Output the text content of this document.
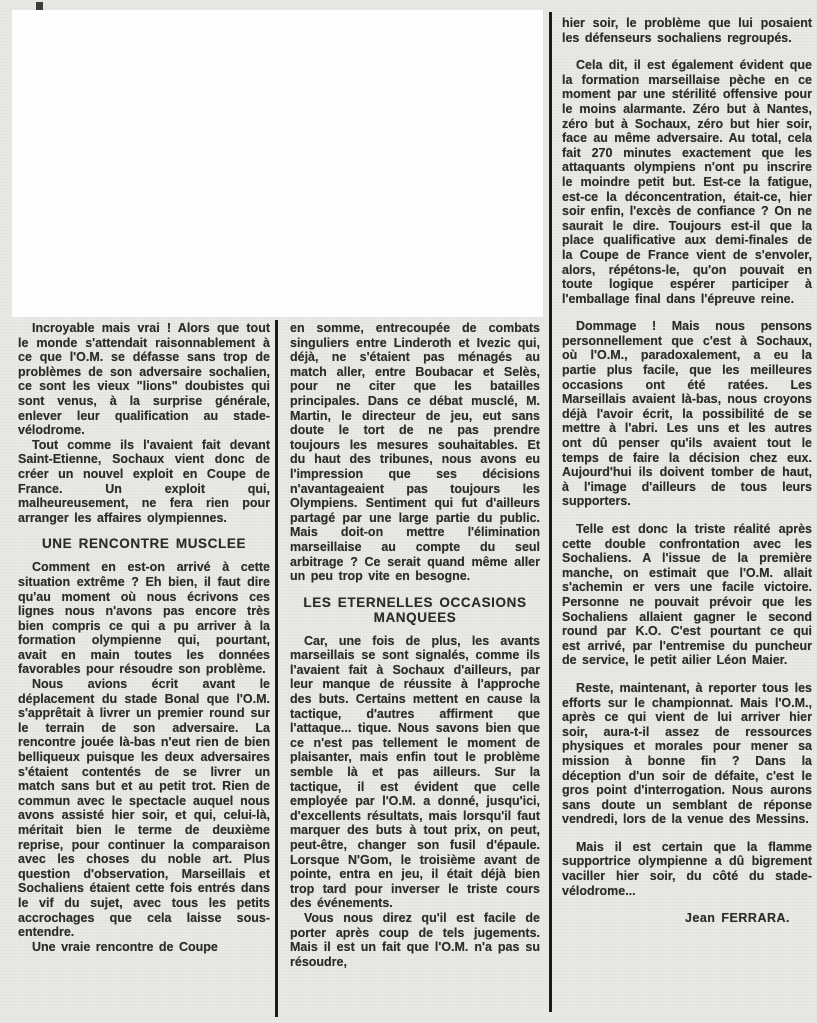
Incroyable mais vrai ! Alors que tout le monde s'attendait raisonnablement à ce que l'O.M. se défasse sans trop de problèmes de son adversaire sochalien, ce sont les vieux "lions" doubistes qui sont venus, à la surprise générale, enlever leur qualification au stade-vélodrome.

Tout comme ils l'avaient fait devant Saint-Etienne, Sochaux vient donc de créer un nouvel exploit en Coupe de France. Un exploit qui, malheureusement, ne fera rien pour arranger les affaires olympiennes.

UNE RENCONTRE MUSCLEE

Comment en est-on arrivé à cette situation extrême ? Eh bien, il faut dire qu'au moment où nous écrivons ces lignes nous n'avons pas encore très bien compris ce qui a pu arriver à la formation olympienne qui, pourtant, avait en main toutes les données favorables pour résoudre son problème.

Nous avions écrit avant le déplacement du stade Bonal que l'O.M. s'apprêtait à livrer un premier round sur le terrain de son adversaire. La rencontre jouée là-bas n'eut rien de bien belliqueux puisque les deux adversaires s'étaient contentés de se livrer un match sans but et au petit trot. Rien de commun avec le spectacle auquel nous avons assisté hier soir, et qui, celui-là, méritait bien le terme de deuxième reprise, pour continuer la comparaison avec les choses du noble art. Plus question d'observation, Marseillais et Sochaliens étaient cette fois entrés dans le vif du sujet, avec tous les petits accrochages que cela laisse sous-entendre.

Une vraie rencontre de Coupe

en somme, entrecoupée de combats singuliers entre Linderoth et Ivezic qui, déjà, ne s'étaient pas ménagés au match aller, entre Boubacar et Selès, pour ne citer que les batailles principales. Dans ce débat musclé, M. Martin, le directeur de jeu, eut sans doute le tort de ne pas prendre toujours les mesures souhaitables. Et du haut des tribunes, nous avons eu l'impression que ses décisions n'avantageaient pas toujours les Olympiens. Sentiment qui fut d'ailleurs partagé par une large partie du public. Mais doit-on mettre l'élimination marseillaise au compte du seul arbitrage ? Ce serait quand même aller un peu trop vite en besogne.

LES ETERNELLES OCCASIONS MANQUEES

Car, une fois de plus, les avants marseillais se sont signalés, comme ils l'avaient fait à Sochaux d'ailleurs, par leur manque de réussite à l'approche des buts. Certains mettent en cause la tactique, d'autres affirment que l'attaque... tique. Nous savons bien que ce n'est pas tellement le moment de plaisanter, mais enfin tout le problème semble là et pas ailleurs. Sur la tactique, il est évident que celle employée par l'O.M. a donné, jusqu'ici, d'excellents résultats, mais lorsqu'il faut marquer des buts à tout prix, on peut, peut-être, changer son fusil d'épaule. Lorsque N'Gom, le troisième avant de pointe, entra en jeu, il était déjà bien trop tard pour inverser le triste cours des événements.

Vous nous direz qu'il est facile de porter après coup de tels jugements. Mais il est un fait que l'O.M. n'a pas su résoudre,

hier soir, le problème que lui posaient les défenseurs sochaliens regroupés.

Cela dit, il est également évident que la formation marseillaise pèche en ce moment par une stérilité offensive pour le moins alarmante. Zéro but à Nantes, zéro but à Sochaux, zéro but hier soir, face au même adversaire. Au total, cela fait 270 minutes exactement que les attaquants olympiens n'ont pu inscrire le moindre petit but. Est-ce la fatigue, est-ce la déconcentration, était-ce, hier soir enfin, l'excès de confiance ? On ne saurait le dire. Toujours est-il que la place qualificative aux demi-finales de la Coupe de France vient de s'envoler, alors, répétons-le, qu'on pouvait en toute logique espérer participer à l'emballage final dans l'épreuve reine.

Dommage ! Mais nous pensons personnellement que c'est à Sochaux, où l'O.M., paradoxalement, a eu la partie plus facile, que les meilleures occasions ont été ratées. Les Marseillais avaient là-bas, nous croyons déjà l'avoir écrit, la possibilité de se mettre à l'abri. Les uns et les autres ont dû penser qu'ils avaient tout le temps de faire la décision chez eux. Aujourd'hui ils doivent tomber de haut, à l'image d'ailleurs de tous leurs supporters.

Telle est donc la triste réalité après cette double confrontation avec les Sochaliens. A l'issue de la première manche, on estimait que l'O.M. allait s'achemin er vers une facile victoire. Personne ne pouvait prévoir que les Sochaliens allaient gagner le second round par K.O. C'est pourtant ce qui est arrivé, par l'entremise du puncheur de service, le petit ailier Léon Maier.

Reste, maintenant, à reporter tous les efforts sur le championnat. Mais l'O.M., après ce qui vient de lui arriver hier soir, aura-t-il assez de ressources physiques et morales pour mener sa mission à bonne fin ? Dans la déception d'un soir de défaite, c'est le gros point d'interrogation. Nous aurons sans doute un semblant de réponse vendredi, lors de la venue des Messins.

Mais il est certain que la flamme supportrice olympienne a dû bigrement vaciller hier soir, du côté du stade-vélodrome...

Jean FERRARA.
